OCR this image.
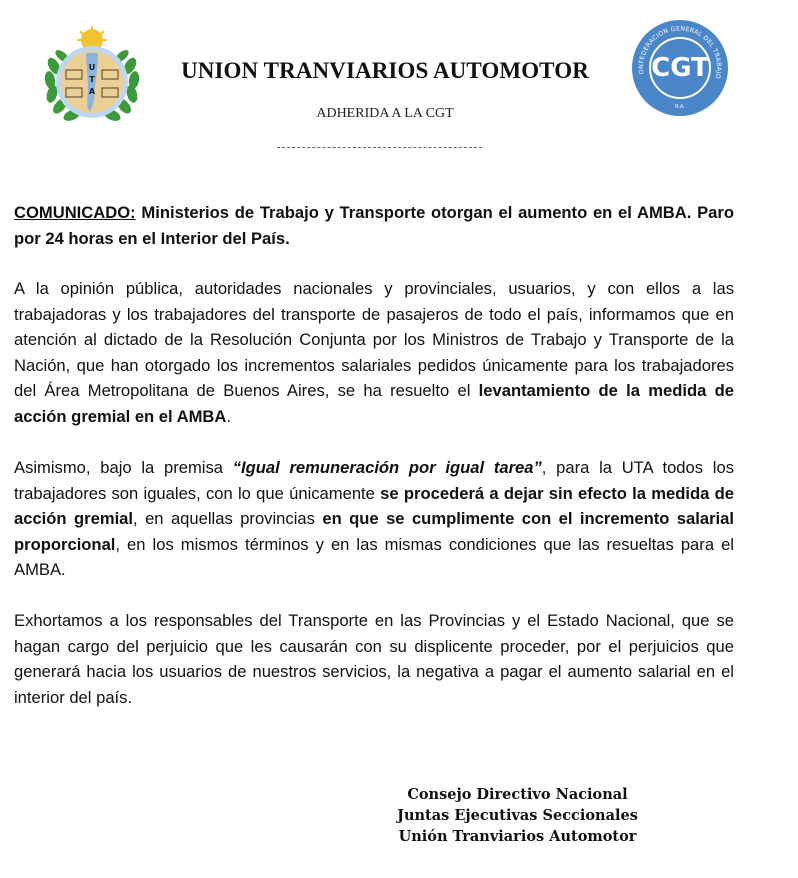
U
T
A
ONFEDERACION GENERAL DEL TRABAJO
CGT
R.A.
UNION TRANVIARIOS AUTOMOTOR
ADHERIDA A LA CGT
COMUNICADO: Ministerios de Trabajo y Transporte otorgan el aumento en el AMBA. Paro por 24 horas en el Interior del País.
A la opinión pública, autoridades nacionales y provinciales, usuarios, y con ellos a las trabajadoras y los trabajadores del transporte de pasajeros de todo el país, informamos que en atención al dictado de la Resolución Conjunta por los Ministros de Trabajo y Transporte de la Nación, que han otorgado los incrementos salariales pedidos únicamente para los trabajadores del Área Metropolitana de Buenos Aires, se ha resuelto el levantamiento de la medida de acción gremial en el AMBA.
Asimismo, bajo la premisa “Igual remuneración por igual tarea”, para la UTA todos los trabajadores son iguales, con lo que únicamente se procederá a dejar sin efecto la medida de acción gremial, en aquellas provincias en que se cumplimente con el incremento salarial proporcional, en los mismos términos y en las mismas condiciones que las resueltas para el AMBA.
Exhortamos a los responsables del Transporte en las Provincias y el Estado Nacional, que se hagan cargo del perjuicio que les causarán con su displicente proceder, por el perjuicios que generará hacia los usuarios de nuestros servicios, la negativa a pagar el aumento salarial en el interior del país.
Consejo Directivo Nacional
Juntas Ejecutivas Seccionales
Unión Tranviarios Automotor
